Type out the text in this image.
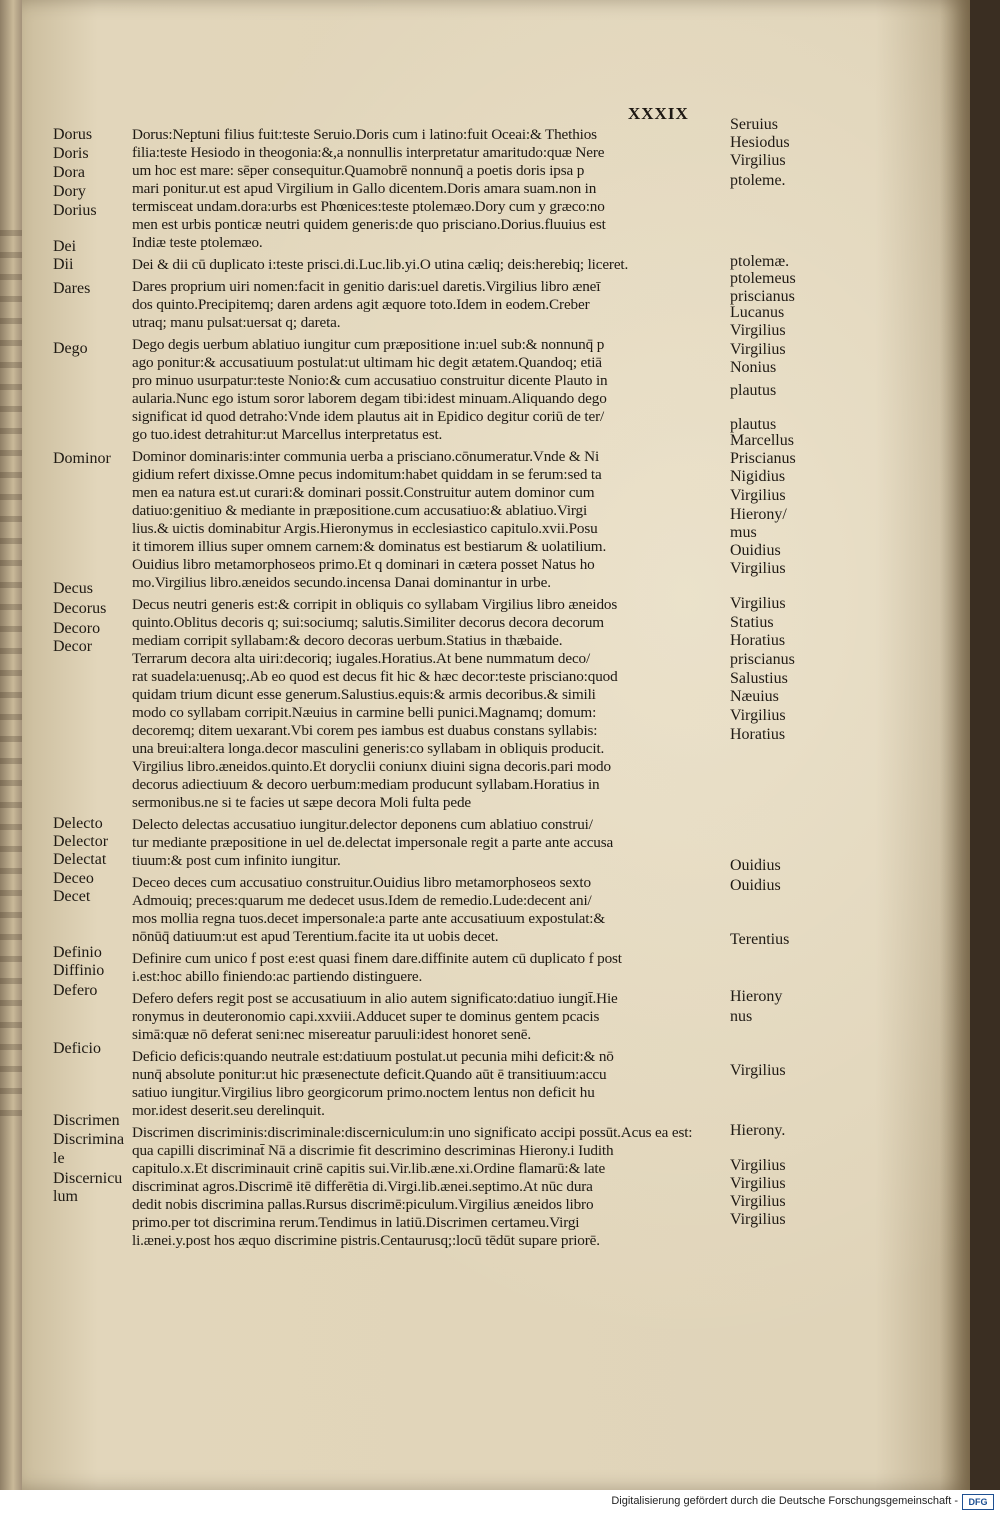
XXXIX
Dorus
Doris
Dora
Dory
Dorius
Dei
Dii
Dares
Dego
Dominor
Decus
Decorus
Decoro
Decor
Delecto
Delector
Delectat
Deceo
Decet
Definio
Diffinio
Defero
Deficio
Discrimen
Discrimina
le
Discernicu
lum
Dorus:Neptuni filius fuit:teste Seruio.Doris cum i latino:fuit Oceai:& Thethios
filia:teste Hesiodo in theogonia:&,a nonnullis interpretatur amaritudo:quæ Nere
um hoc est mare: sēper consequitur.Quamobrē nonnunq̄ a poetis doris ipsa p
mari ponitur.ut est apud Virgilium in Gallo dicentem.Doris amara suam.non in
termisceat undam.dora:urbs est Phœnices:teste ptolemæo.Dory cum y græco:no
men est urbis ponticæ neutri quidem generis:de quo prisciano.Dorius.fluuius est
Indiæ teste ptolemæo.
Dei & dii cū duplicato i:teste prisci.di.Luc.lib.yi.O utina cæliq; deis:herebiq; liceret.
Dares proprium uiri nomen:facit in genitio daris:uel daretis.Virgilius libro æneī
dos quinto.Precipitemq; daren ardens agit æquore toto.Idem in eodem.Creber
utraq; manu pulsat:uersat q; dareta.
Dego degis uerbum ablatiuo iungitur cum præpositione in:uel sub:& nonnunq̄ p
ago ponitur:& accusatiuum postulat:ut ultimam hic degit ætatem.Quandoq; etiā
pro minuo usurpatur:teste Nonio:& cum accusatiuo construitur dicente Plauto in
aularia.Nunc ego istum soror laborem degam tibi:idest minuam.Aliquando dego
significat id quod detraho:Vnde idem plautus ait in Epidico degitur coriū de ter/
go tuo.idest detrahitur:ut Marcellus interpretatus est.
Dominor dominaris:inter communia uerba a prisciano.cōnumeratur.Vnde & Ni
gidium refert dixisse.Omne pecus indomitum:habet quiddam in se ferum:sed ta
men ea natura est.ut curari:& dominari possit.Construitur autem dominor cum
datiuo:genitiuo & mediante in præpositione.cum accusatiuo:& ablatiuo.Virgi
lius.& uictis dominabitur Argis.Hieronymus in ecclesiastico capitulo.xvii.Posu
it timorem illius super omnem carnem:& dominatus est bestiarum & uolatilium.
Ouidius libro metamorphoseos primo.Et q dominari in cætera posset Natus ho
mo.Virgilius libro.æneidos secundo.incensa Danai dominantur in urbe.
Decus neutri generis est:& corripit in obliquis co syllabam Virgilius libro æneidos
quinto.Oblitus decoris q; sui:sociumq; salutis.Similiter decorus decora decorum
mediam corripit syllabam:& decoro decoras uerbum.Statius in thæbaide.
Terrarum decora alta uiri:decoriq; iugales.Horatius.At bene nummatum deco/
rat suadela:uenusq;.Ab eo quod est decus fit hic & hæc decor:teste prisciano:quod
quidam trium dicunt esse generum.Salustius.equis:& armis decoribus.& simili
modo co syllabam corripit.Næuius in carmine belli punici.Magnamq; domum:
decoremq; ditem uexarant.Vbi corem pes iambus est duabus constans syllabis:
una breui:altera longa.decor masculini generis:co syllabam in obliquis producit.
Virgilius libro.æneidos.quinto.Et doryclii coniunx diuini signa decoris.pari modo
decorus adiectiuum & decoro uerbum:mediam producunt syllabam.Horatius in
sermonibus.ne si te facies ut sæpe decora Moli fulta pede
Delecto delectas accusatiuo iungitur.delector deponens cum ablatiuo construi/
tur mediante præpositione in uel de.delectat impersonale regit a parte ante accusa
tiuum:& post cum infinito iungitur.
Deceo deces cum accusatiuo construitur.Ouidius libro metamorphoseos sexto
Admouiq; preces:quarum me dedecet usus.Idem de remedio.Lude:decent ani/
mos mollia regna tuos.decet impersonale:a parte ante accusatiuum expostulat:&
nōnūq̄ datiuum:ut est apud Terentium.facite ita ut uobis decet.
Definire cum unico f post e:est quasi finem dare.diffinite autem cū duplicato f post
i.est:hoc abillo finiendo:ac partiendo distinguere.
Defero defers regit post se accusatiuum in alio autem significato:datiuo iungit̄.Hie
ronymus in deuteronomio capi.xxviii.Adducet super te dominus gentem pcacis
simā:quæ nō deferat seni:nec misereatur paruuli:idest honoret senē.
Deficio deficis:quando neutrale est:datiuum postulat.ut pecunia mihi deficit:& nō
nunq̄ absolute ponitur:ut hic præsenectute deficit.Quando aūt ē transitiuum:accu
satiuo iungitur.Virgilius libro georgicorum primo.noctem lentus non deficit hu
mor.idest deserit.seu derelinquit.
Discrimen discriminis:discriminale:discerniculum:in uno significato accipi possūt.Acus ea est:
qua capilli discriminat̄ Nā a discrimie fit descrimino descriminas Hierony.i Iudith
capitulo.x.Et discriminauit crinē capitis sui.Vir.lib.æne.xi.Ordine flamarū:& late
discriminat agros.Discrimē itē differētia di.Virgi.lib.ænei.septimo.At nūc dura
dedit nobis discrimina pallas.Rursus discrimē:piculum.Virgilius æneidos libro
primo.per tot discrimina rerum.Tendimus in latiū.Discrimen certameu.Virgi
li.ænei.y.post hos æquo discrimine pistris.Centaurusq;:locū tēdūt supare priorē.
Seruius
Hesiodus
Virgilius
ptoleme.
ptolemæ.
ptolemeus
priscianus
Lucanus
Virgilius
Virgilius
Nonius
plautus
plautus
Marcellus
Priscianus
Nigidius
Virgilius
Hierony/
mus
Ouidius
Virgilius
Virgilius
Statius
Horatius
priscianus
Salustius
Næuius
Virgilius
Horatius
Ouidius
Ouidius
Terentius
Hierony
nus
Virgilius
Hierony.
Virgilius
Virgilius
Virgilius
Virgilius
Digitalisierung gefördert durch die Deutsche Forschungsgemeinschaft -	DFG
